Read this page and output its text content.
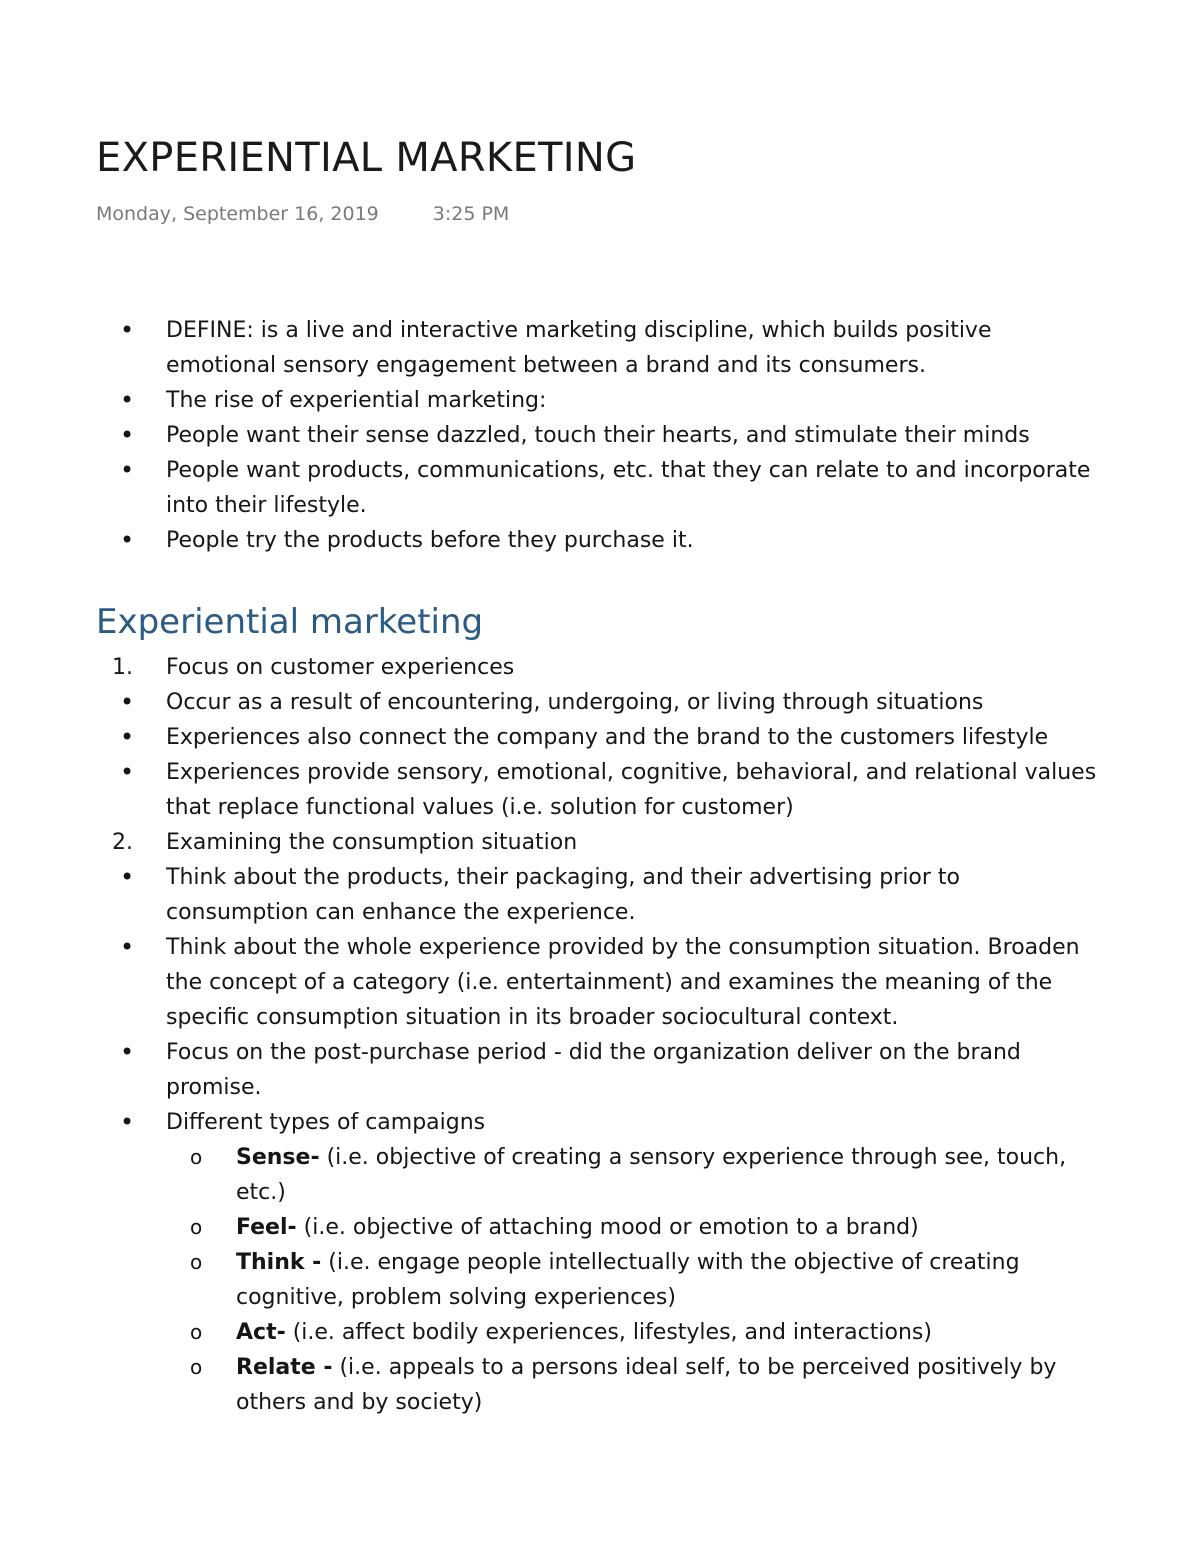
EXPERIENTIAL MARKETING
Monday, September 16, 2019	3:25 PM
•	DEFINE: is a live and interactive marketing discipline, which builds positive emotional sensory engagement between a brand and its consumers.
•	The rise of experiential marketing:
•	People want their sense dazzled, touch their hearts, and stimulate their minds
•	People want products, communications, etc. that they can relate to and incorporate into their lifestyle.
•	People try the products before they purchase it.
Experiential marketing
1.	Focus on customer experiences
•	Occur as a result of encountering, undergoing, or living through situations
•	Experiences also connect the company and the brand to the customers lifestyle
•	Experiences provide sensory, emotional, cognitive, behavioral, and relational values that replace functional values (i.e. solution for customer)
2.	Examining the consumption situation
•	Think about the products, their packaging, and their advertising prior to consumption can enhance the experience.
•	Think about the whole experience provided by the consumption situation. Broaden the concept of a category (i.e. entertainment) and examines the meaning of the specific consumption situation in its broader sociocultural context.
•	Focus on the post-purchase period - did the organization deliver on the brand promise.
•	Different types of campaigns
o	Sense- (i.e. objective of creating a sensory experience through see, touch, etc.)
o	Feel- (i.e. objective of attaching mood or emotion to a brand)
o	Think - (i.e. engage people intellectually with the objective of creating cognitive, problem solving experiences)
o	Act- (i.e. affect bodily experiences, lifestyles, and interactions)
o	Relate - (i.e. appeals to a persons ideal self, to be perceived positively by others and by society)
